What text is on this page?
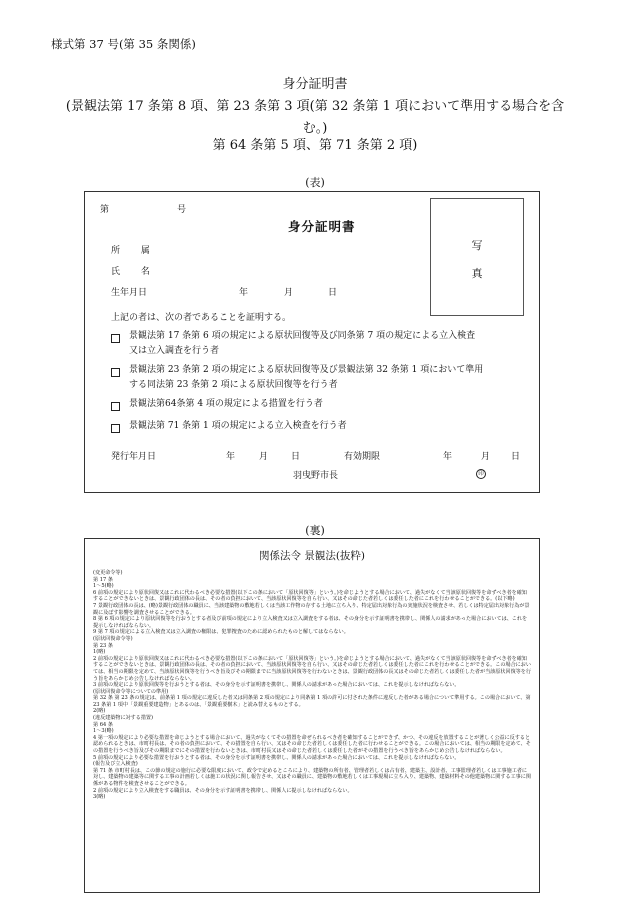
様式第 37 号(第 35 条関係)
身分証明書
(景観法第 17 条第 8 項、第 23 条第 3 項(第 32 条第 1 項において準用する場合を含
む。)
第 64 条第 5 項、第 71 条第 2 項)
(表)
第	号
身分証明書
所 属
氏 名
生年月日	年	月	日
写
真
上記の者は、次の者であることを証明する。
景観法第 17 条第 6 項の規定による原状回復等及び同条第 7 項の規定による立入検査
又は立入調査を行う者
景観法第 23 条第 2 項の規定による原状回復等及び景観法第 32 条第 1 項において準用
する同法第 23 条第 2 項による原状回復等を行う者
景観法第64条第 4 項の規定による措置を行う者
景観法第 71 条第 1 項の規定による立入検査を行う者
発行年月日	年	月	日	有効期限	年	月 日
羽曳野市長	印
(裏)
関係法令 景観法(抜粋)
(変更命令等)
第 17 条
1～5(略)
6 前項の規定により原状回復又はこれに代わるべき必要な措置(以下この条において「原状回復等」という。)を命じようとする場合において、過失がなくて当該原状回復等を命ずべき者を確知することができないときは、景観行政団体の長は、その者の負担において、当該原状回復等を自ら行い、又はその命じた者若しくは委任した者にこれを行わせることができる。(以下略)
7 景観行政団体の長は、(略)景観行政団体の職員に、当該建築物の敷地若しくは当該工作物の存する土地に立ち入り、特定届出対象行為の実施状況を検査させ、若しくは特定届出対象行為が景観に及ぼす影響を調査させることができる。
8 第 6 項の規定により原状回復等を行おうとする者及び前項の規定により立入検査又は立入調査をする者は、その身分を示す証明書を携帯し、関係人の請求があった場合においては、これを提示しなければならない。
9 第 7 項の規定による立入検査又は立入調査の権限は、犯罪捜査のために認められたものと解してはならない。
(原状回復命令等)
第 23 条
1(略)
2 前項の規定により原状回復又はこれに代わるべき必要な措置(以下この条において「原状回復等」という。)を命じようとする場合において、過失がなくて当該原状回復等を命ずべき者を確知することができないときは、景観行政団体の長は、その者の負担において、当該原状回復等を自ら行い、又はその命じた者若しくは委任した者にこれを行わせることができる。この場合においては、相当の期限を定めて、当該原状回復等を行うべき旨及びその期限までに当該原状回復等を行わないときは、景観行政団体の長又はその命じた者若しくは委任した者が当該原状回復等を行う旨をあらかじめ公告しなければならない。
3 前項の規定により原状回復等を行おうとする者は、その身分を示す証明書を携帯し、関係人の請求があった場合においては、これを提示しなければならない。
(原状回復命令等についての準用)
第 32 条 第 23 条の規定は、前条第 1 項の規定に違反した者又は同条第 2 項の規定により同条第 1 項の許可に付された条件に違反した者がある場合について準用する。この場合において、第 23 条第 1 項中「景観重要建造物」とあるのは、「景観重要樹木」と読み替えるものとする。
2(略)
(違反建築物に対する措置)
第 64 条
1～3(略)
4 第一項の規定により必要な措置を命じようとする場合において、過失がなくてその措置を命ぜられるべき者を確知することができず、かつ、その違反を放置することが著しく公益に反すると認められるときは、市町村長は、その者の負担において、その措置を自ら行い、又はその命じた者若しくは委任した者に行わせることができる。この場合においては、相当の期限を定めて、その措置を行うべき旨及びその期限までにその措置を行わないときは、市町村長又はその命じた者若しくは委任した者がその措置を行うべき旨をあらかじめ公告しなければならない。
5 前項の規定により必要な措置を行おうとする者は、その身分を示す証明書を携帯し、関係人の請求があった場合においては、これを提示しなければならない。
(報告及び立入検査)
第 71 条 市町村長は、この節の規定の施行に必要な限度において、政令で定めるところにより、建築物の所有者、管理者若しくは占有者、建築主、設計者、工事監理者若しくは工事施工者に対し、建築物の建築等に関する工事の計画若しくは施工の状況に関し報告させ、又はその職員に、建築物の敷地若しくは工事現場に立ち入り、建築物、建築材料その他建築物に関する工事に関係がある物件を検査させることができる。
2 前項の規定により立入検査をする職員は、その身分を示す証明書を携帯し、関係人に提示しなければならない。
3(略)
